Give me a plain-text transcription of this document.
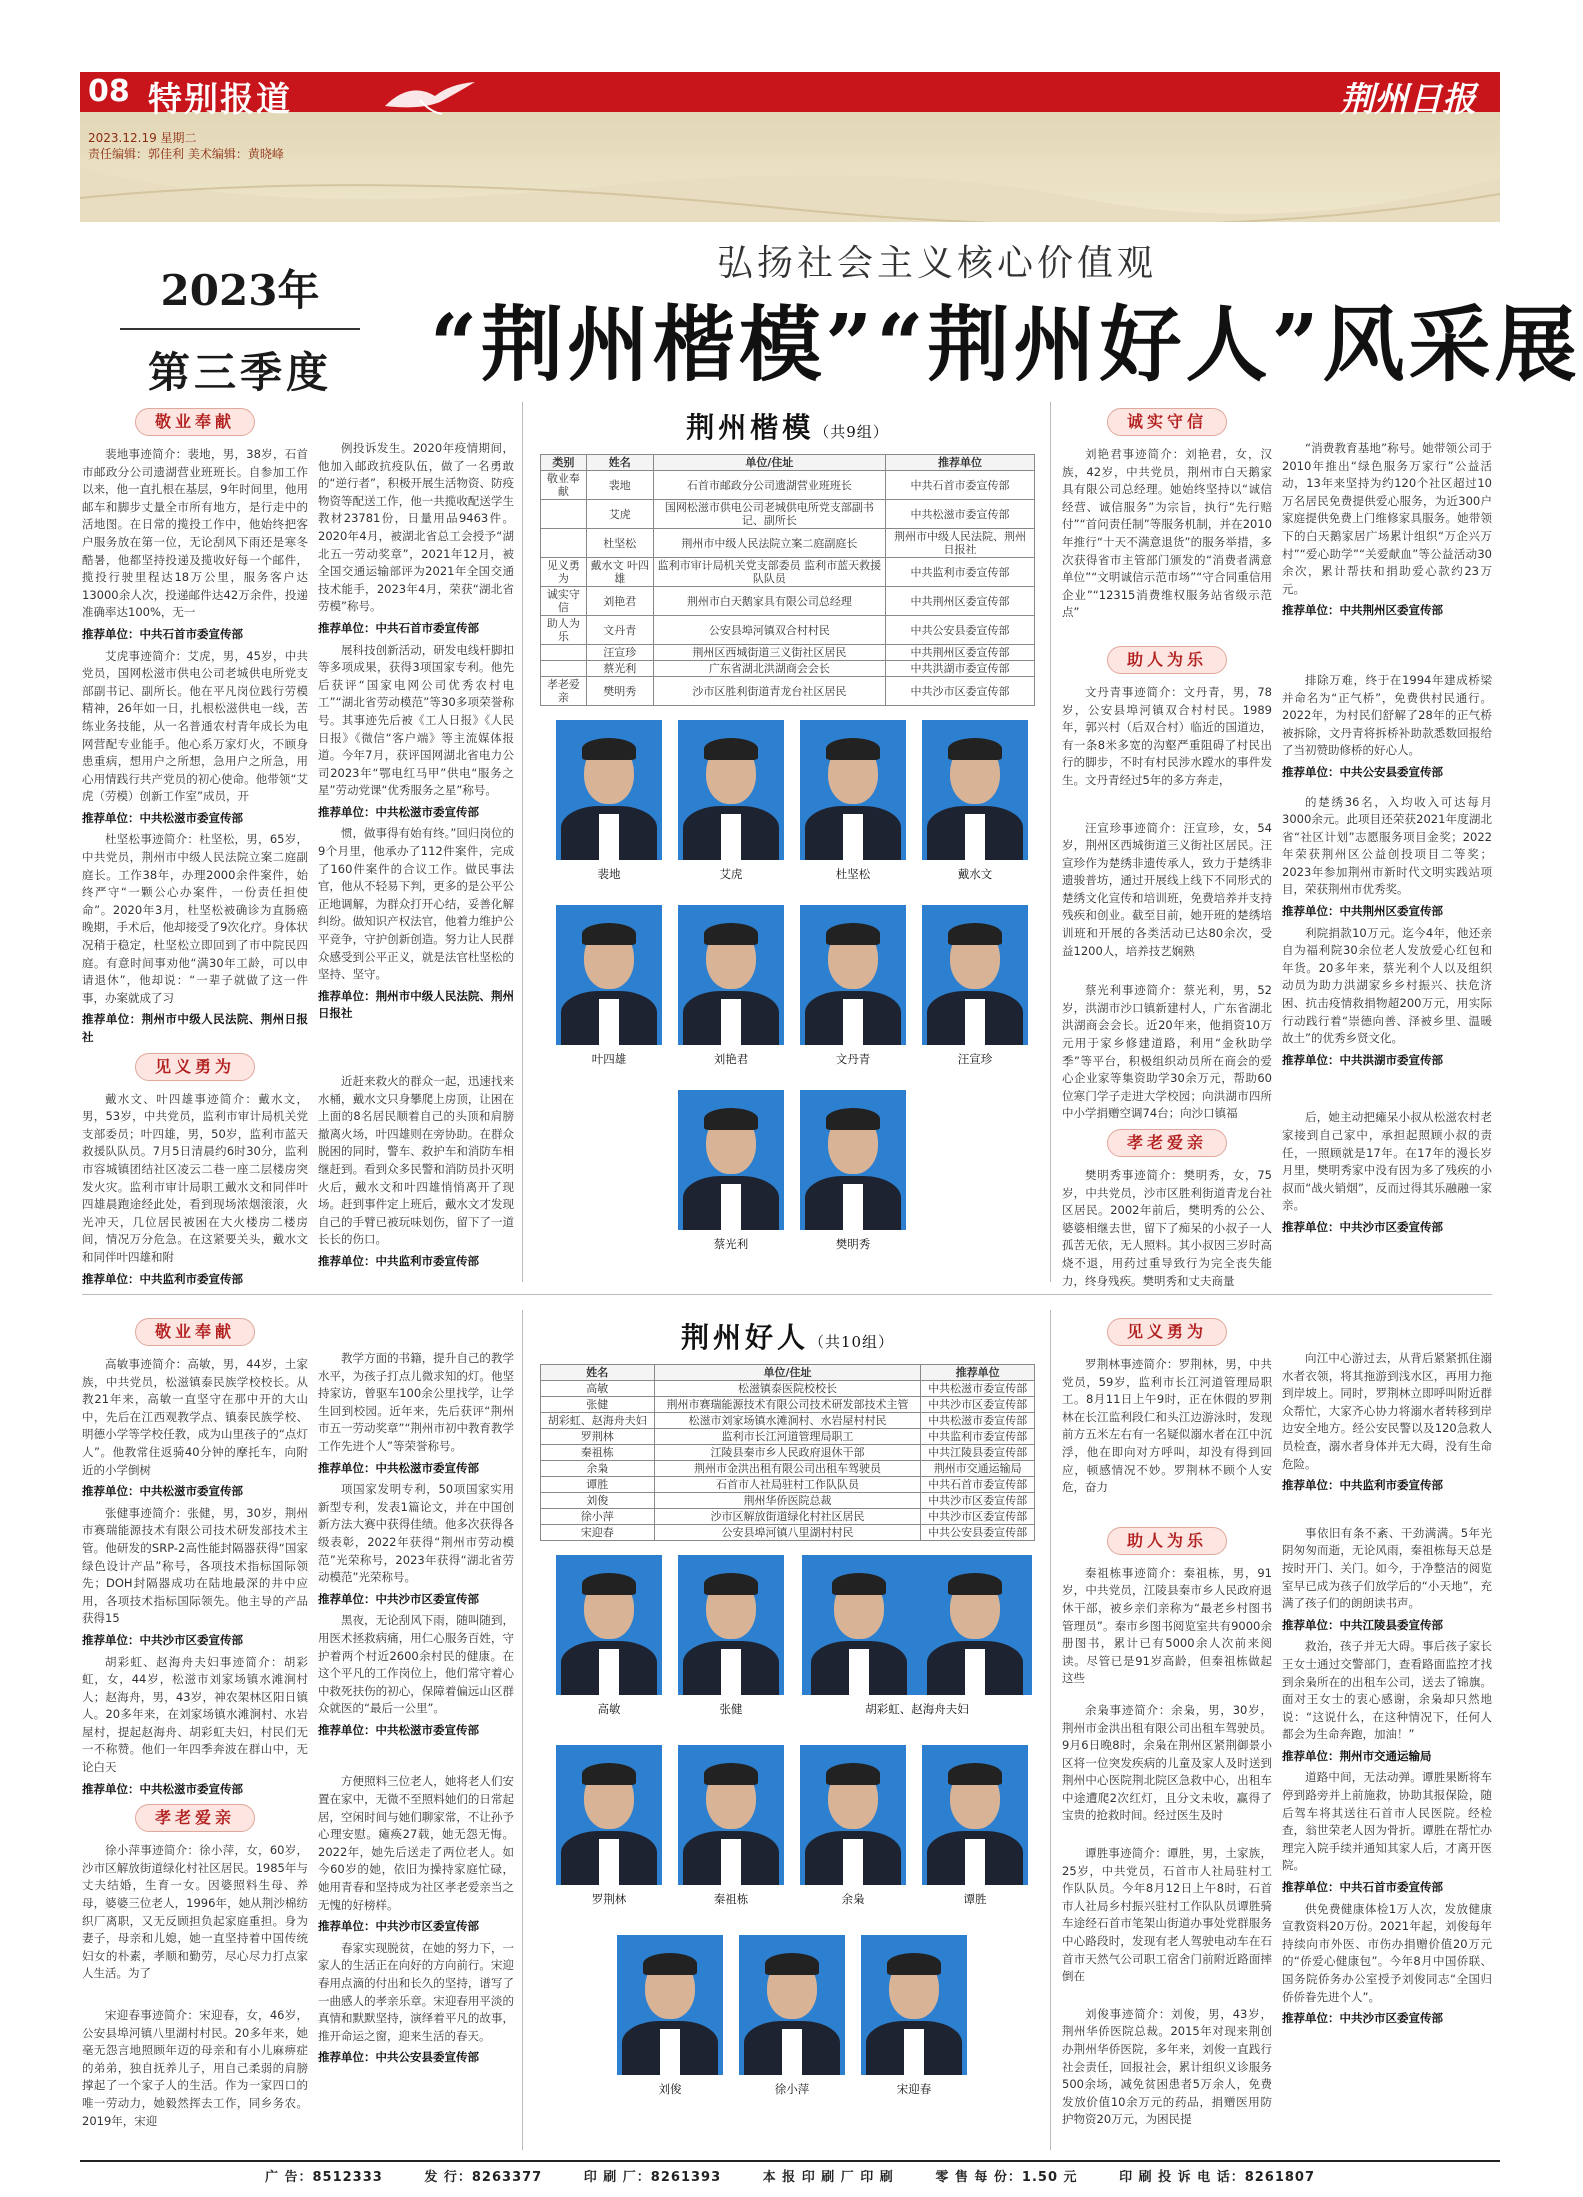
08 特别报道	荆州日报
2023.12.19 星期二
责任编辑：郭佳利 美术编辑：黄晓峰
2023年
第三季度
弘扬社会主义核心价值观
“荆州楷模”“荆州好人”风采展
敬业奉献

裴地事迹简介：裴地，男，38岁，石首市邮政分公司遗湖营业班班长。自参加工作以来，他一直扎根在基层，9年时间里，他用邮车和脚步丈量全市所有地方，是行走中的活地图。在日常的揽投工作中，他始终把客户服务放在第一位，无论刮风下雨还是寒冬酷暑，他都坚持投递及揽收好每一个邮件，揽投行驶里程达18万公里，服务客户达13000余人次，投递邮件达42万余件，投递准确率达100%，无一

推荐单位：中共石首市委宣传部

艾虎事迹简介：艾虎，男，45岁，中共党员，国网松滋市供电公司老城供电所党支部副书记、副所长。他在平凡岗位践行劳模精神，26年如一日，扎根松滋供电一线，苦练业务技能，从一名普通农村青年成长为电网营配专业能手。他心系万家灯火，不顾身患重病，想用户之所想，急用户之所急，用心用情践行共产党员的初心使命。他带领“艾虎（劳模）创新工作室”成员，开

推荐单位：中共松滋市委宣传部

杜坚松事迹简介：杜坚松，男，65岁，中共党员，荆州市中级人民法院立案二庭副庭长。工作38年，办理2000余件案件，始终严守“一颗公心办案件，一份责任担使命”。2020年3月，杜坚松被确诊为直肠癌晚期，手术后，他却接受了9次化疗。身体状况稍于稳定，杜坚松立即回到了市中院民四庭。有意时间事劝他“满30年工龄，可以申请退休”，他却说：“一辈子就做了这一件事，办案就成了习

推荐单位：荆州市中级人民法院、荆州日报社

见义勇为

戴水文、叶四雄事迹简介：戴水文，男，53岁，中共党员，监利市审计局机关党支部委员；叶四雄，男，50岁，监利市蓝天救援队队员。7月5日清晨约6时30分，监利市容城镇团结社区凌云二巷一座二层楼房突发火灾。监利市审计局职工戴水文和同伴叶四雄晨跑途经此处，看到现场浓烟滚滚，火光冲天，几位居民被困在大火楼房二楼房间，情况万分危急。在这紧要关头，戴水文和同伴叶四雄和附

推荐单位：中共监利市委宣传部

例投诉发生。2020年疫情期间，他加入邮政抗疫队伍，做了一名勇敢的“逆行者”，积极开展生活物资、防疫物资等配送工作，他一共揽收配送学生教材23781份，日量用品9463件。2020年4月，被湖北省总工会授予“湖北五一劳动奖章”，2021年12月，被全国交通运输部评为2021年全国交通技术能手，2023年4月，荣获“湖北省劳模”称号。

推荐单位：中共石首市委宣传部

展科技创新活动，研发电线杆脚扣等多项成果，获得3项国家专利。他先后获评“国家电网公司优秀农村电工”“湖北省劳动模范”等30多项荣誉称号。其事迹先后被《工人日报》《人民日报》《微信“客户端》等主流媒体报道。今年7月，获评国网湖北省电力公司2023年“鄂电红马甲”供电“服务之星”劳动党课“优秀服务之星”称号。

推荐单位：中共松滋市委宣传部

惯，做事得有始有终。”回归岗位的9个月里，他承办了112件案件，完成了160件案件的合议工作。做民事法官，他从不轻易下判，更多的是公平公正地调解，为群众打开心结，妥善化解纠纷。做知识产权法官，他着力维护公平竞争，守护创新创造。努力让人民群众感受到公平正义，就是法官杜坚松的坚持、坚守。

推荐单位：荆州市中级人民法院、荆州日报社

近赶来救火的群众一起，迅速找来水桶，戴水文只身攀爬上房顶，让困在上面的8名居民顺着自己的头顶和肩膀撤离火场，叶四雄则在旁协助。在群众脱困的同时，警车、救护车和消防车相继赶到。看到众多民警和消防员扑灭明火后，戴水文和叶四雄悄悄离开了现场。赶到事件定上班后，戴水文才发现自己的手臂已被玩味划伤，留下了一道长长的伤口。

推荐单位：中共监利市委宣传部

荆州楷模（共9组）
类别	姓名	单位/住址	推荐单位
敬业奉献	裴地	石首市邮政分公司遗湖营业班班长	中共石首市委宣传部
	艾虎	国网松滋市供电公司老城供电所党支部副书记、副所长	中共松滋市委宣传部
	杜坚松	荆州市中级人民法院立案二庭副庭长	荆州市中级人民法院、荆州日报社
见义勇为	戴水文 叶四雄	监利市审计局机关党支部委员 监利市蓝天救援队队员	中共监利市委宣传部
诚实守信	刘艳君	荆州市白天鹅家具有限公司总经理	中共荆州区委宣传部
助人为乐	文丹青	公安县埠河镇双合村村民	中共公安县委宣传部
	汪宣珍	荆州区西城街道三义街社区居民	中共荆州区委宣传部
	蔡光利	广东省湖北洪湖商会会长	中共洪湖市委宣传部
孝老爱亲	樊明秀	沙市区胜利街道青龙台社区居民	中共沙市区委宣传部
裴地	艾虎	杜坚松	戴水文
叶四雄	刘艳君	文丹青	汪宣珍
蔡光利	樊明秀
诚实守信

刘艳君事迹简介：刘艳君，女，汉族，42岁，中共党员，荆州市白天鹅家具有限公司总经理。她始终坚持以“诚信经营、诚信服务”为宗旨，执行“先行赔付”“首问责任制”等服务机制，并在2010年推行“十天不满意退货”的服务举措，多次获得省市主管部门颁发的“消费者满意单位”“文明诚信示范市场”“守合同重信用企业”“12315消费维权服务站省级示范点”

助人为乐

文丹青事迹简介：文丹青，男，78岁，公安县埠河镇双合村村民。1989年，郭兴村（后双合村）临近的国道边，有一条8米多宽的沟壑严重阻碍了村民出行的脚步，不时有村民涉水蹚水的事件发生。文丹青经过5年的多方奔走，

汪宣珍事迹简介：汪宣珍，女，54岁，荆州区西城街道三义街社区居民。汪宣珍作为楚绣非遗传承人，致力于楚绣非遗骏普坊，通过开展线上线下不同形式的楚绣文化宣传和培训班，免费培养并支持残疾和创业。截至目前，她开班的楚绣培训班和开展的各类活动已达80余次，受益1200人，培养技艺娴熟

蔡光利事迹简介：蔡光利，男，52岁，洪湖市沙口镇新建村人，广东省湖北洪湖商会会长。近20年来，他捐资10万元用于家乡修建道路，利用“金秋助学季”等平台，积极组织动员所在商会的爱心企业家等集资助学30余万元，帮助60位寒门学子走进大学校园；向洪湖市四所中小学捐赠空调74台；向沙口镇福

孝老爱亲

樊明秀事迹简介：樊明秀，女，75岁，中共党员，沙市区胜利街道青龙台社区居民。2002年前后，樊明秀的公公、婆婆相继去世，留下了痴呆的小叔子一人孤苦无依，无人照料。其小叔因三岁时高烧不退，用药过重导致行为完全丧失能力，终身残疾。樊明秀和丈夫商量

“消费教育基地”称号。她带领公司于2010年推出“绿色服务万家行”公益活动，13年来坚持为约120个社区超过10万名居民免费提供爱心服务，为近300户家庭提供免费上门维修家具服务。她带领下的白天鹅家居广场累计组织“万企兴万村”“爱心助学”“关爱献血”等公益活动30余次，累计帮扶和捐助爱心款约23万元。

推荐单位：中共荆州区委宣传部

排除万难，终于在1994年建成桥梁并命名为“正气桥”，免费供村民通行。2022年，为村民们舒解了28年的正气桥被拆除，文丹青将拆桥补助款悉数回报给了当初赞助修桥的好心人。

推荐单位：中共公安县委宣传部

的楚绣36名，入均收入可达每月3000余元。此项目还荣获2021年度湖北省“社区计划”志愿服务项目金奖；2022年荣获荆州区公益创投项目二等奖；2023年参加荆州市新时代文明实践站项目，荣获荆州市优秀奖。

推荐单位：中共荆州区委宣传部

利院捐款10万元。迄今4年，他还亲自为福利院30余位老人发放爱心红包和年货。20多年来，蔡光利个人以及组织动员为助力洪湖家乡乡村振兴、扶危济困、抗击疫情救捐物超200万元，用实际行动践行着“崇德向善、泽被乡里、温暖故土”的优秀乡贤文化。

推荐单位：中共洪湖市委宣传部

后，她主动把瘫呆小叔从松滋农村老家接到自己家中，承担起照顾小叔的责任，一照顾就是17年。在17年的漫长岁月里，樊明秀家中没有因为多了残疾的小叔而“战火销烟”，反而过得其乐融融一家亲。

推荐单位：中共沙市区委宣传部

敬业奉献

高敏事迹简介：高敏，男，44岁，土家族，中共党员，松滋镇泰民族学校校长。从教21年来，高敏一直坚守在那中开的大山中，先后在江西观教学点、镇泰民族学校、明德小学等学校任教，成为山里孩子的“点灯人”。他教常住返骑40分钟的摩托车，向附近的小学倒树

推荐单位：中共松滋市委宣传部

张健事迹简介：张健，男，30岁，荆州市赛瑞能源技术有限公司技术研发部技术主管。他研发的SRP-2高性能封隔器获得“国家绿色设计产品”称号，各项技术指标国际领先；DOH封隔器成功在陆地最深的井中应用，各项技术指标国际领先。他主导的产品获得15

推荐单位：中共沙市区委宣传部

胡彩虹、赵海舟夫妇事迹简介：胡彩虹，女，44岁，松滋市刘家场镇水滩涧村人；赵海舟，男，43岁，神农架林区阳日镇人。20多年来，在刘家场镇水滩涧村、水岩屋村，提起赵海舟、胡彩虹夫妇，村民们无一不称赞。他们一年四季奔波在群山中，无论白天

推荐单位：中共松滋市委宣传部

孝老爱亲

徐小萍事迹简介：徐小萍，女，60岁，沙市区解放街道绿化村社区居民。1985年与丈夫结婚，生育一女。因婆照料生母、养母，婆婆三位老人，1996年，她从荆沙棉纺织厂离职，又无反顾担负起家庭重担。身为妻子，母亲和儿媳，她一直坚持着中国传统妇女的朴素，孝顺和勤劳，尽心尽力打点家人生活。为了

宋迎春事迹简介：宋迎春，女，46岁，公安县埠河镇八里湖村村民。20多年来，她毫无怨言地照顾年迈的母亲和有小儿麻痹症的弟弟，独自抚养儿子，用自己柔弱的肩膀撑起了一个家子人的生活。作为一家四口的唯一劳动力，她毅然挥去工作，同乡务农。2019年，宋迎

教学方面的书籍，提升自己的教学水平，为孩子打点儿微求知的灯。他坚持家访，曾驱车100余公里找学，让学生回到校园。近年来，先后获评“荆州市五一劳动奖章”“荆州市初中教育教学工作先进个人”等荣誉称号。

推荐单位：中共松滋市委宣传部

项国家发明专利，50项国家实用新型专利，发表1篇论文，并在中国创新方法大赛中获得佳绩。他多次获得各级表彰，2022年获得“荆州市劳动模范”光荣称号，2023年获得“湖北省劳动模范”光荣称号。

推荐单位：中共沙市区委宣传部

黑夜，无论刮风下雨，随叫随到，用医术拯救病痛，用仁心服务百姓，守护着两个村近2600余村民的健康。在这个平凡的工作岗位上，他们常守着心中救死扶伤的初心，保障着偏远山区群众就医的“最后一公里”。

推荐单位：中共松滋市委宣传部

方便照料三位老人，她将老人们安置在家中，无微不至照料她们的日常起居，空闲时间与她们聊家常，不让孙予心理安慰。瘫痪27载，她无怨无悔。2022年，她先后送走了两位老人。如今60岁的她，依旧为操持家庭忙碌，她用青春和坚持成为社区孝老爱亲当之无愧的好榜样。

推荐单位：中共沙市区委宣传部

春家实现脱贫，在她的努力下，一家人的生活正在向好的方向前行。宋迎春用点滴的付出和长久的坚持，谱写了一曲感人的孝亲乐章。宋迎春用平淡的真情和默默坚持，演绎着平凡的故事，推开命运之窗，迎来生活的春天。

推荐单位：中共公安县委宣传部

荆州好人（共10组）
姓名	单位/住址	推荐单位
高敏	松滋镇泰医院校校长	中共松滋市委宣传部
张健	荆州市赛瑞能源技术有限公司技术研发部技术主管	中共沙市区委宣传部
胡彩虹、赵海舟夫妇	松滋市刘家场镇水滩涧村、水岩屋村村民	中共松滋市委宣传部
罗荆林	监利市长江河道管理局职工	中共监利市委宣传部
秦祖栋	江陵县秦市乡人民政府退休干部	中共江陵县委宣传部
余枭	荆州市金洪出租有限公司出租车驾驶员	荆州市交通运输局
谭胜	石首市人社局驻村工作队队员	中共石首市委宣传部
刘俊	荆州华侨医院总裁	中共沙市区委宣传部
徐小萍	沙市区解放街道绿化村社区居民	中共沙市区委宣传部
宋迎春	公安县埠河镇八里湖村村民	中共公安县委宣传部
高敏	张健	胡彩虹、赵海舟夫妇
罗荆林	秦祖栋	余枭	谭胜
刘俊	徐小萍	宋迎春
见义勇为

罗荆林事迹简介：罗荆林，男，中共党员，59岁，监利市长江河道管理局职工。8月11日上午9时，正在休假的罗荆林在长江监利段仁和头江边游泳时，发现前方五米左右有一名疑似溺水者在江中沉浮，他在即向对方呼叫，却没有得到回应，顿感情况不妙。罗荆林不顾个人安危，奋力

助人为乐

秦祖栋事迹简介：秦祖栋，男，91岁，中共党员，江陵县秦市乡人民政府退休干部，被乡亲们亲称为“最老乡村图书管理员”。秦市乡图书阅览室共有9000余册图书，累计已有5000余人次前来阅读。尽管已是91岁高龄，但秦祖栋做起这些

余枭事迹简介：余枭，男，30岁，荆州市金洪出租有限公司出租车驾驶员。9月6日晚8时，余枭在荆州区紧荆御景小区将一位突发疾病的儿童及家人及时送到荆州中心医院荆北院区急救中心，出租车中途遭爬2次红灯，且分文未收，赢得了宝贵的抢救时间。经过医生及时

谭胜事迹简介：谭胜，男，土家族，25岁，中共党员，石首市人社局驻村工作队队员。今年8月12日上午8时，石首市人社局乡村振兴驻村工作队队员谭胜骑车途经石首市笔架山街道办事处党群服务中心路段时，发现有老人驾驶电动车在石首市天然气公司职工宿舍门前附近路面摔倒在

刘俊事迹简介：刘俊，男，43岁，荆州华侨医院总裁。2015年对现来荆创办荆州华侨医院，多年来，刘俊一直践行社会责任，回报社会，累计组织义诊服务500余场，减免贫困患者5万余人，免费发放价值10余万元的药品，捐赠医用防护物资20万元，为困民提

向江中心游过去，从背后紧紧抓住溺水者衣领，将其拖游到浅水区，再用力拖到岸坡上。同时，罗荆林立即呼叫附近群众帮忙，大家齐心协力将溺水者转移到岸边安全地方。经公安民警以及120急救人员检查，溺水者身体并无大碍，没有生命危险。

推荐单位：中共监利市委宣传部

事依旧有条不紊、干劲满满。5年光阴匆匆而逝，无论风雨，秦祖栋每天总是按时开门、关门。如今，于净整洁的阅览室早已成为孩子们放学后的“小天地”，充满了孩子们的朗朗读书声。

推荐单位：中共江陵县委宣传部

救治，孩子并无大碍。事后孩子家长王女士通过交警部门，查看路面监控才找到余枭所在的出租车公司，送去了锦旗。面对王女士的衷心感谢，余枭却只然地说：“这说什么，在这种情况下，任何人都会为生命奔跑，加油！”

推荐单位：荆州市交通运输局

道路中间，无法动弹。谭胜果断将车停到路旁并上前施救，协助其报保险，随后驾车将其送往石首市人民医院。经检查，翁世荣老人因为骨折。谭胜在帮忙办理完入院手续并通知其家人后，才离开医院。

推荐单位：中共石首市委宣传部

供免费健康体检1万人次，发放健康宣教资料20万份。2021年起，刘俊每年持续向市外医、市伤办捐赠价值20万元的“侨爱心健康包”。今年8月中国侨联、国务院侨务办公室授予刘俊同志“全国归侨侨眷先进个人”。

推荐单位：中共沙市区委宣传部

广 告：8512333	发 行：8263377	印 刷 厂：8261393	本 报 印 刷 厂 印 刷	零 售 每 份：1.50 元	印 刷 投 诉 电 话：8261807
